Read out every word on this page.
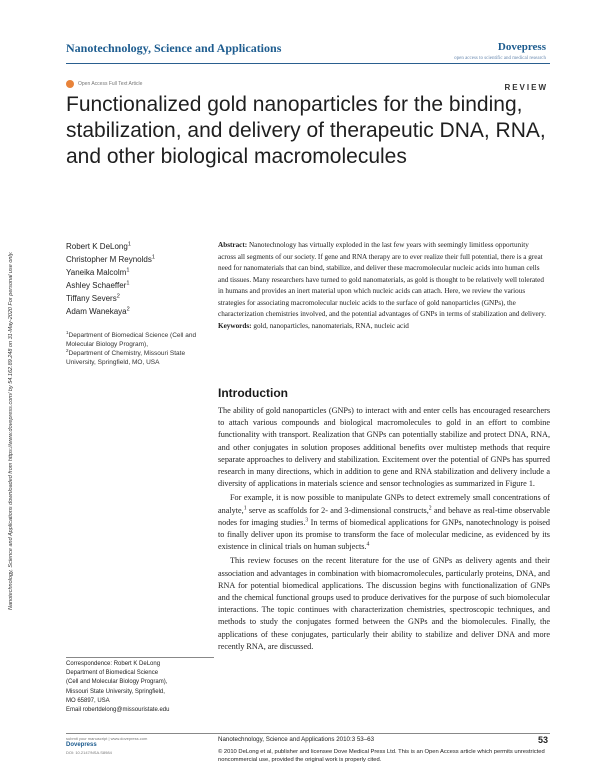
Nanotechnology, Science and Applications	Dovepress
open access to scientific and medical research
Open Access Full Text Article	REVIEW
Functionalized gold nanoparticles for the binding, stabilization, and delivery of therapeutic DNA, RNA, and other biological macromolecules
Nanotechnology, Science and Applications downloaded from https://www.dovepress.com/ by 54.162.89.248 on 31-May-2020 For personal use only.
Robert K DeLong$^1$
Christopher M Reynolds$^1$
Yaneika Malcolm$^1$
Ashley Schaeffer$^1$
Tiffany Severs$^2$
Adam Wanekaya$^2$

$^1$Department of Biomedical Science (Cell and Molecular Biology Program),

$^2$Department of Chemistry, Missouri State University, Springfield, MO, USA

Abstract: Nanotechnology has virtually exploded in the last few years with seemingly limitless opportunity across all segments of our society. If gene and RNA therapy are to ever realize their full potential, there is a great need for nanomaterials that can bind, stabilize, and deliver these macromolecular nucleic acids into human cells and tissues. Many researchers have turned to gold nanomaterials, as gold is thought to be relatively well tolerated in humans and provides an inert material upon which nucleic acids can attach. Here, we review the various strategies for associating macromolecular nucleic acids to the surface of gold nanoparticles (GNPs), the characterization chemistries involved, and the potential advantages of GNPs in terms of stabilization and delivery.
Keywords: gold, nanoparticles, nanomaterials, RNA, nucleic acid
Introduction

The ability of gold nanoparticles (GNPs) to interact with and enter cells has encouraged researchers to attach various compounds and biological macromolecules to gold in an effort to combine functionality with transport. Realization that GNPs can potentially stabilize and protect DNA, RNA, and other conjugates in solution proposes additional benefits over multistep methods that require separate approaches to delivery and stabilization. Excitement over the potential of GNPs has spurred research in many directions, which in addition to gene and RNA stabilization and delivery include a diversity of applications in materials science and sensor technologies as summarized in Figure 1.

For example, it is now possible to manipulate GNPs to detect extremely small concentrations of analyte,$^1$ serve as scaffolds for 2- and 3-dimensional constructs,$^2$ and behave as real-time observable nodes for imaging studies.$^3$ In terms of biomedical applications for GNPs, nanotechnology is poised to finally deliver upon its promise to transform the face of molecular medicine, as evidenced by its existence in clinical trials on human subjects.$^4$

This review focuses on the recent literature for the use of GNPs as delivery agents and their association and advantages in combination with biomacromolecules, particularly proteins, DNA, and RNA for potential biomedical applications. The discussion begins with functionalization of GNPs and the chemical functional groups used to produce derivatives for the purpose of such biomolecular interactions. The topic continues with characterization chemistries, spectroscopic techniques, and methods to study the conjugates formed between the GNPs and the biomolecules. Finally, the applications of these conjugates, particularly their ability to stabilize and deliver DNA and more recently RNA, are discussed.

Correspondence: Robert K DeLong

Department of Biomedical Science

(Cell and Molecular Biology Program),

Missouri State University, Springfield,

MO 65897, USA

Email robertdelong@missouristate.edu

submit your manuscript | www.dovepress.com
Dovepress
DOI: 10.2147/NSA.S8984
Nanotechnology, Science and Applications 2010:3 53–63	53
© 2010 DeLong et al, publisher and licensee Dove Medical Press Ltd. This is an Open Access article which permits unrestricted noncommercial use, provided the original work is properly cited.
